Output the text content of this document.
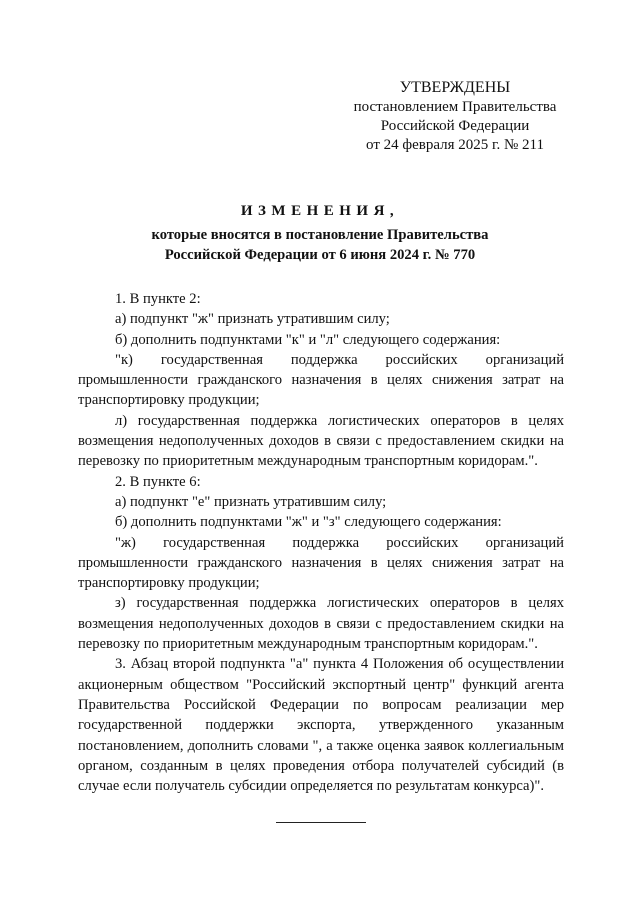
УТВЕРЖДЕНЫ
постановлением Правительства
Российской Федерации
от 24 февраля 2025 г. № 211
ИЗМЕНЕНИЯ,
которые вносятся в постановление Правительства
Российской Федерации от 6 июня 2024 г. № 770

1. В пункте 2:

а) подпункт "ж" признать утратившим силу;

б) дополнить подпунктами "к" и "л" следующего содержания:

"к) государственная поддержка российских организаций промышленности гражданского назначения в целях снижения затрат на транспортировку продукции;

л) государственная поддержка логистических операторов в целях возмещения недополученных доходов в связи с предоставлением скидки на перевозку по приоритетным международным транспортным коридорам.".

2. В пункте 6:

а) подпункт "е" признать утратившим силу;

б) дополнить подпунктами "ж" и "з" следующего содержания:

"ж) государственная поддержка российских организаций промышленности гражданского назначения в целях снижения затрат на транспортировку продукции;

з) государственная поддержка логистических операторов в целях возмещения недополученных доходов в связи с предоставлением скидки на перевозку по приоритетным международным транспортным коридорам.".

3. Абзац второй подпункта "а" пункта 4 Положения об осуществлении акционерным обществом "Российский экспортный центр" функций агента Правительства Российской Федерации по вопросам реализации мер государственной поддержки экспорта, утвержденного указанным постановлением, дополнить словами ", а также оценка заявок коллегиальным органом, созданным в целях проведения отбора получателей субсидий (в случае если получатель субсидии определяется по результатам конкурса)".
